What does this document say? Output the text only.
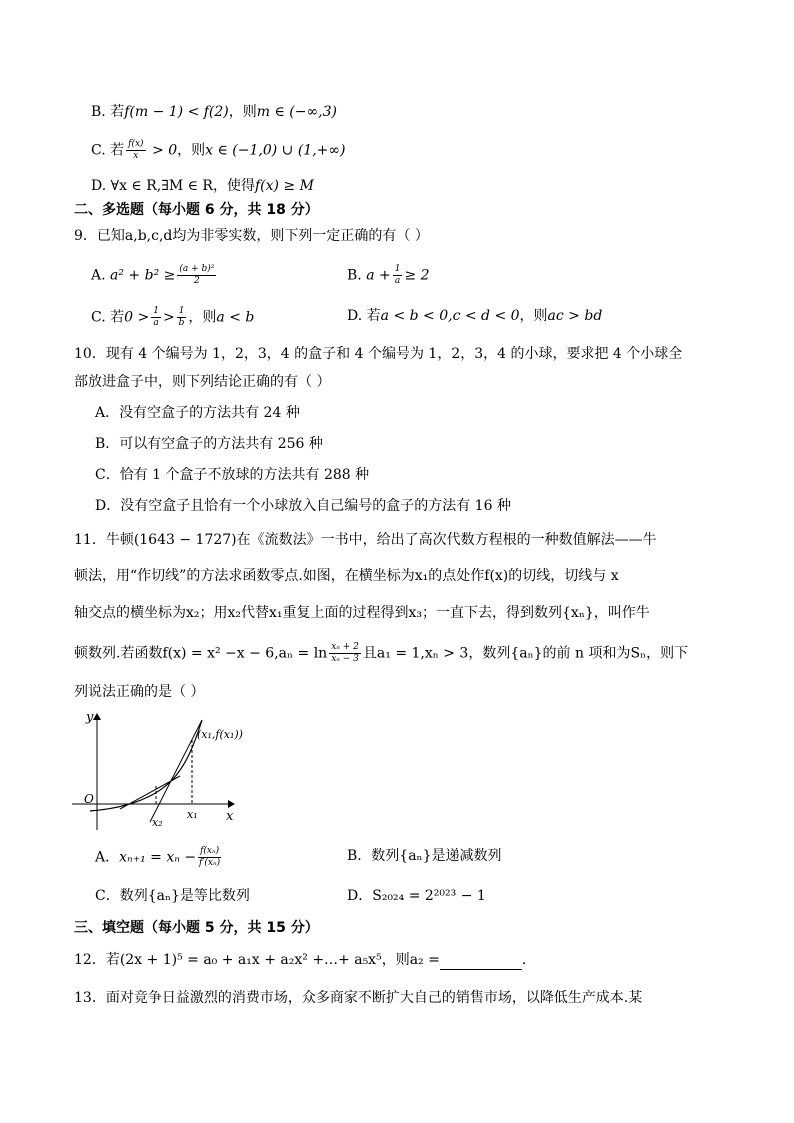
B. 若f(m − 1) < f(2)，则m ∈ (−∞,3)
C. 若 $\frac{f(x)}{x} > 0$，则x ∈ (−1,0) ∪ (1,+∞)
D. ∀x ∈ R,∃M ∈ R，使得f(x) ≥ M
二、多选题（每小题 6 分，共 18 分）
9．已知a,b,c,d均为非零实数，则下列一定正确的有（ ）
A. $a^2 + b^2 \ge \frac{\text{(a + b)²}}{2}$	B. $a + \frac{1}{a} \ge 2$
C. 若$0 > \frac{1}{a} > \frac{1}{b}$ ，则a < b	D. 若a < b < 0,c < d < 0，则ac > bd
10．现有 4 个编号为 1，2，3，4 的盒子和 4 个编号为 1，2，3，4 的小球，要求把 4 个小球全
部放进盒子中，则下列结论正确的有（ ）
A．没有空盒子的方法共有 24 种
B．可以有空盒子的方法共有 256 种
C．恰有 1 个盒子不放球的方法共有 288 种
D．没有空盒子且恰有一个小球放入自己编号的盒子的方法有 16 种
11．牛顿(1643 − 1727)在《流数法》一书中，给出了高次代数方程根的一种数值解法——牛
顿法，用“作切线”的方法求函数零点.如图，在横坐标为x₁的点处作f(x)的切线，切线与 x
轴交点的横坐标为x₂；用x₂代替x₁重复上面的过程得到x₃；一直下去，得到数列{xₙ}，叫作牛
顿数列.若函数$f(x) = x^2 -x - 6,a_n = \ln \frac{\text{xₙ + 2}}{\text{xₙ − 3}}$ 且a₁ = 1,xₙ > 3，数列{aₙ}的前 n 项和为Sₙ，则下
列说法正确的是（ ）
y
x
O
(x₁,f(x₁))
x₁
x₂
A．$x_{n+1} = x_n - \frac{\text{f(xₙ)}}{\text{f′(xₙ)}}$	B．数列{aₙ}是递减数列
C．数列{aₙ}是等比数列	D．S₂₀₂₄ = 2²⁰²³ − 1
三、填空题（每小题 5 分，共 15 分）
12．若(2x + 1)⁵ = a₀ + a₁x + a₂x² +…+ a₅x⁵，则a₂ =	.
13．面对竞争日益激烈的消费市场，众多商家不断扩大自己的销售市场，以降低生产成本.某
